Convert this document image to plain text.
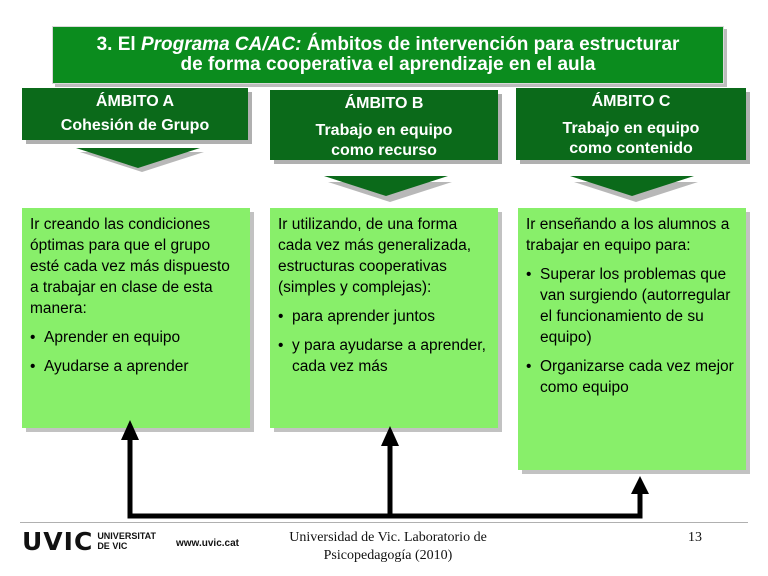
3. El Programa CA/AC: Ámbitos de intervención para estructurar
de forma cooperativa el aprendizaje en el aula
ÁMBITO A
Cohesión de Grupo
ÁMBITO B
Trabajo en equipo
como recurso
ÁMBITO C
Trabajo en equipo
como contenido

Ir creando las condiciones óptimas para que el grupo esté cada vez más dispuesto a trabajar en clase de esta manera:

• Aprender en equipo
• Ayudarse a aprender

Ir utilizando, de una forma cada vez más generalizada, estructuras cooperativas (simples y complejas):

• para aprender juntos
• y para ayudarse a aprender, cada vez más

Ir enseñando a los alumnos a trabajar en equipo para:

• Superar los problemas que van surgiendo (autorregular el funcionamiento de su equipo)
• Organizarse cada vez mejor como equipo
UVIC UNIVERSITAT
DE VIC	www.uvic.cat	Universidad de Vic. Laboratorio de
Psicopedagogía (2010)
13
